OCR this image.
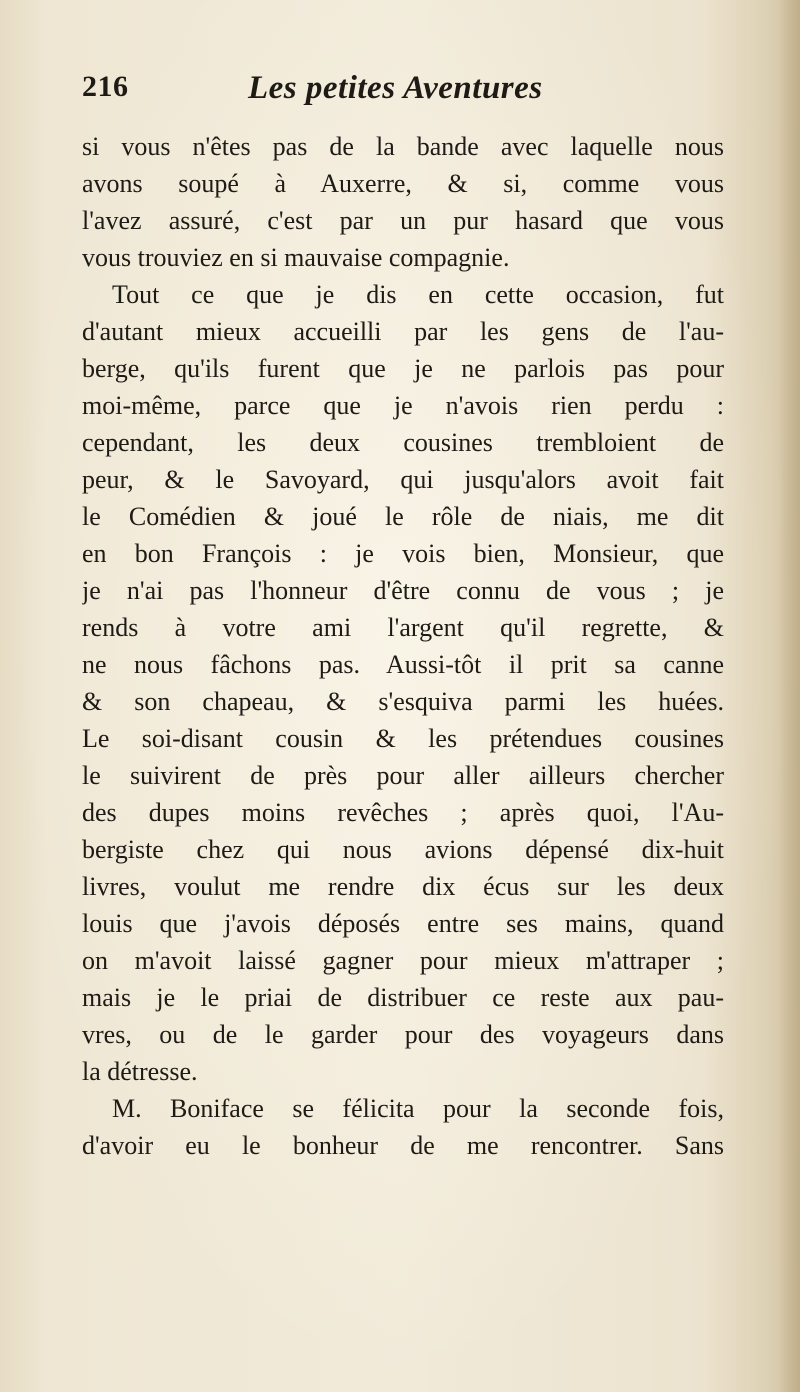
216	Les petites Aventures
si vous n'êtes pas de la bande avec laquelle nous
avons soupé à Auxerre, & si, comme vous
l'avez assuré, c'est par un pur hasard que vous
vous trouviez en si mauvaise compagnie.
Tout ce que je dis en cette occasion, fut
d'autant mieux accueilli par les gens de l'au-
berge, qu'ils furent que je ne parlois pas pour
moi-même, parce que je n'avois rien perdu :
cependant, les deux cousines trembloient de
peur, & le Savoyard, qui jusqu'alors avoit fait
le Comédien & joué le rôle de niais, me dit
en bon François : je vois bien, Monsieur, que
je n'ai pas l'honneur d'être connu de vous ; je
rends à votre ami l'argent qu'il regrette, &
ne nous fâchons pas. Aussi-tôt il prit sa canne
& son chapeau, & s'esquiva parmi les huées.
Le soi-disant cousin & les prétendues cousines
le suivirent de près pour aller ailleurs chercher
des dupes moins revêches ; après quoi, l'Au-
bergiste chez qui nous avions dépensé dix-huit
livres, voulut me rendre dix écus sur les deux
louis que j'avois déposés entre ses mains, quand
on m'avoit laissé gagner pour mieux m'attraper ;
mais je le priai de distribuer ce reste aux pau-
vres, ou de le garder pour des voyageurs dans
la détresse.
M. Boniface se félicita pour la seconde fois,
d'avoir eu le bonheur de me rencontrer. Sans
